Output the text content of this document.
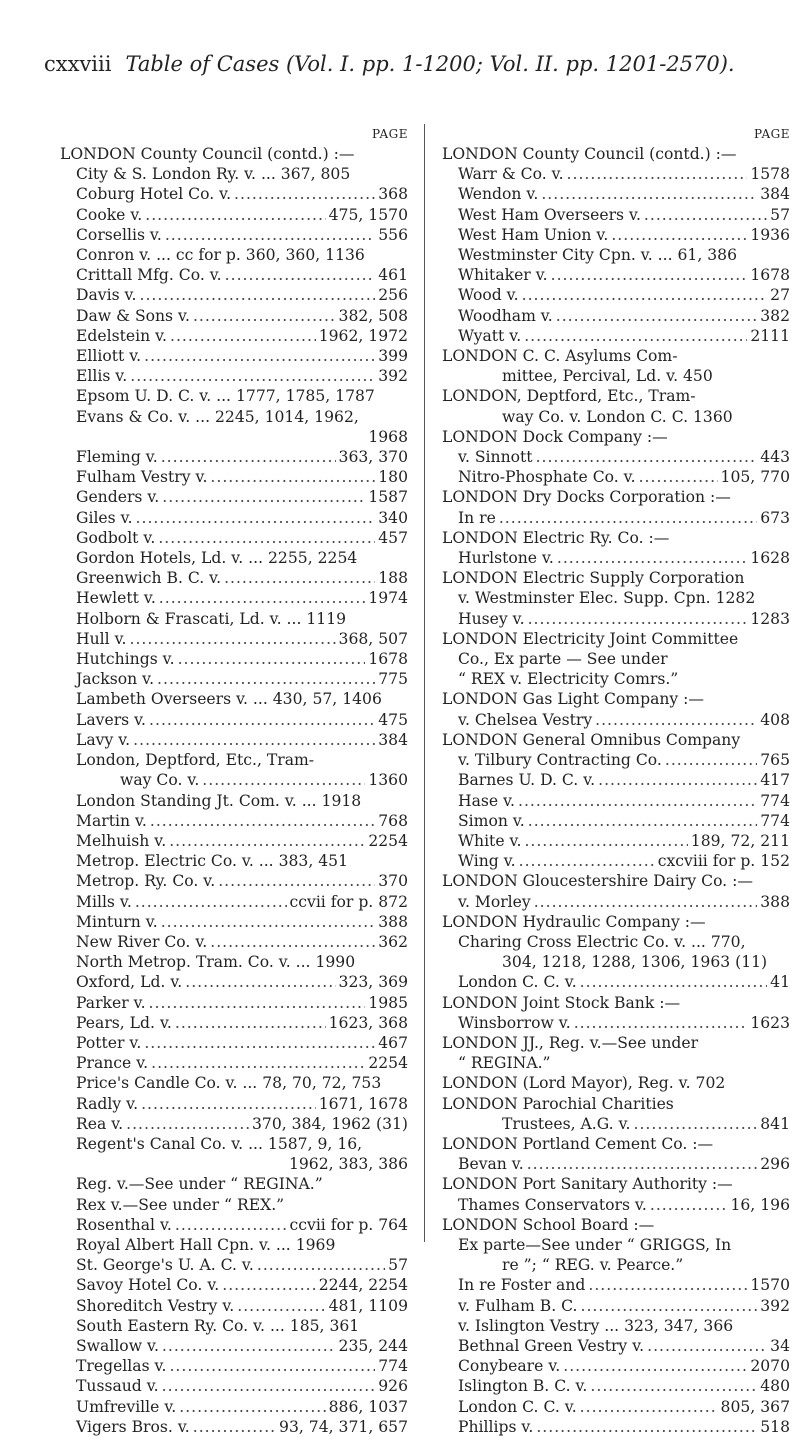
cxxviii Table of Cases (Vol. I. pp. 1-1200; Vol. II. pp. 1201-2570).
PAGE
LONDON County Council (contd.) :—
City & S. London Ry. v. ... 367, 805
Coburg Hotel Co. v. .....	368
Cooke v. .....	475, 1570
Corsellis v. .....	556
Conron v. ... cc for p. 360, 360, 1136
Crittall Mfg. Co. v. .....	461
Davis v. .....	256
Daw & Sons v. .....	382, 508
Edelstein v. .....	1962, 1972
Elliott v. .....	399
Ellis v. .....	392
Epsom U. D. C. v. ... 1777, 1785, 1787
Evans & Co. v. ... 2245, 1014, 1962,
1968
Fleming v. .....	363, 370
Fulham Vestry v. .....	180
Genders v. .....	1587
Giles v. .....	340
Godbolt v. .....	457
Gordon Hotels, Ld. v. ... 2255, 2254
Greenwich B. C. v. .....	188
Hewlett v. .....	1974
Holborn & Frascati, Ld. v. ... 1119
Hull v. .....	368, 507
Hutchings v. .....	1678
Jackson v. .....	775
Lambeth Overseers v. ... 430, 57, 1406
Lavers v. .....	475
Lavy v. .....	384
London, Deptford, Etc., Tram-
way Co. v. .....	1360
London Standing Jt. Com. v. ... 1918
Martin v. .....	768
Melhuish v. .....	2254
Metrop. Electric Co. v. ... 383, 451
Metrop. Ry. Co. v. .....	370
Mills v. .....	ccvii for p. 872
Minturn v. .....	388
New River Co. v. .....	362
North Metrop. Tram. Co. v. ... 1990
Oxford, Ld. v. .....	323, 369
Parker v. .....	1985
Pears, Ld. v. .....	1623, 368
Potter v. .....	467
Prance v. .....	2254
Price's Candle Co. v. ... 78, 70, 72, 753
Radly v. .....	1671, 1678
Rea v. .....	370, 384, 1962 (31)
Regent's Canal Co. v. ... 1587, 9, 16,
1962, 383, 386
Reg. v.—See under “ REGINA.”
Rex v.—See under “ REX.”
Rosenthal v. .....	ccvii for p. 764
Royal Albert Hall Cpn. v. ... 1969
St. George's U. A. C. v. .....	57
Savoy Hotel Co. v. .....	2244, 2254
Shoreditch Vestry v. .....	481, 1109
South Eastern Ry. Co. v. ... 185, 361
Swallow v. .....	235, 244
Tregellas v. .....	774
Tussaud v. .....	926
Umfreville v. .....	886, 1037
Vigers Bros. v. .....	93, 74, 371, 657
PAGE
LONDON County Council (contd.) :—
Warr & Co. v. .....	1578
Wendon v. .....	384
West Ham Overseers v. .....	57
West Ham Union v. .....	1936
Westminster City Cpn. v. ... 61, 386
Whitaker v. .....	1678
Wood v. .....	27
Woodham v. .....	382
Wyatt v. .....	2111
LONDON C. C. Asylums Com-
mittee, Percival, Ld. v. 450
LONDON, Deptford, Etc., Tram-
way Co. v. London C. C. 1360
LONDON Dock Company :—
v. Sinnott .....	443
Nitro-Phosphate Co. v. .....	105, 770
LONDON Dry Docks Corporation :—
In re .....	673
LONDON Electric Ry. Co. :—
Hurlstone v. .....	1628
LONDON Electric Supply Corporation
v. Westminster Elec. Supp. Cpn. 1282
Husey v. .....	1283
LONDON Electricity Joint Committee
Co., Ex parte — See under
“ REX v. Electricity Comrs.”
LONDON Gas Light Company :—
v. Chelsea Vestry .....	408
LONDON General Omnibus Company
v. Tilbury Contracting Co. .....	765
Barnes U. D. C. v. .....	417
Hase v. .....	774
Simon v. .....	774
White v. .....	189, 72, 211
Wing v. .....	cxcviii for p. 152
LONDON Gloucestershire Dairy Co. :—
v. Morley .....	388
LONDON Hydraulic Company :—
Charing Cross Electric Co. v. ... 770,
304, 1218, 1288, 1306, 1963 (11)
London C. C. v. .....	41
LONDON Joint Stock Bank :—
Winsborrow v. .....	1623
LONDON JJ., Reg. v.—See under
“ REGINA.”
LONDON (Lord Mayor), Reg. v. 702
LONDON Parochial Charities
Trustees, A.G. v. .....	841
LONDON Portland Cement Co. :—
Bevan v. .....	296
LONDON Port Sanitary Authority :—
Thames Conservators v. .....	16, 196
LONDON School Board :—
Ex parte—See under “ GRIGGS, In
re ”; “ REG. v. Pearce.”
In re Foster and .....	1570
v. Fulham B. C. .....	392
v. Islington Vestry ... 323, 347, 366
Bethnal Green Vestry v. .....	34
Conybeare v. .....	2070
Islington B. C. v. .....	480
London C. C. v. .....	805, 367
Phillips v. .....	518
